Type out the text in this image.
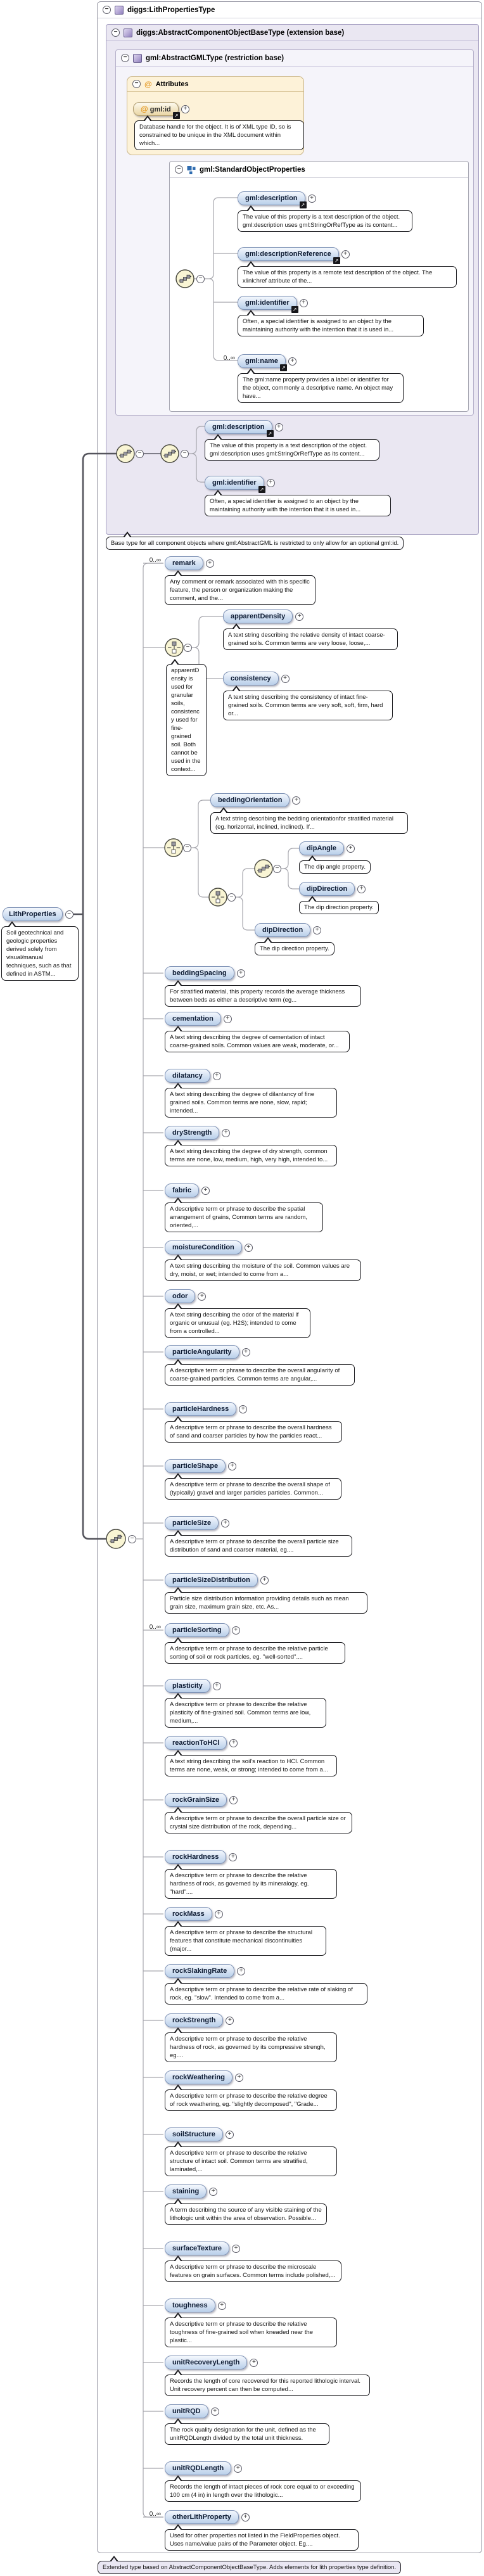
−
diggs:LithPropertiesType
−
diggs:AbstractComponentObjectBaseType (extension base)
−
gml:AbstractGMLType (restriction base)
−
@
Attributes
−
gml:StandardObjectProperties
−
−
−
−
−
−
−
−
@ gml:id
↗
+
Database handle for the object. It is of XML type ID, so is constrained to be unique in the XML document within which...
gml:description
↗
+
The value of this property is a text description of the object. gml:description uses gml:StringOrRefType as its content...
gml:descriptionReference
↗
+
The value of this property is a remote text description of the object. The xlink:href attribute of the...
gml:identifier
↗
+
Often, a special identifier is assigned to an object by the maintaining authority with the intention that it is used in...
0..∞	gml:name
↗
+
The gml:name property provides a label or identifier for the object, commonly a descriptive name. An object may have...
gml:description
↗
+
The value of this property is a text description of the object. gml:description uses gml:StringOrRefType as its content...
gml:identifier
↗
+
Often, a special identifier is assigned to an object by the maintaining authority with the intention that it is used in...
Base type for all component objects where gml:AbstractGML is restricted to only allow for an optional gml:id.
LithProperties
−
Soil geotechnical and geologic properties derived solely from visual/manual techniques, such as that defined in ASTM...
apparentDensity is used for granular soils, consistency used for fine-grained soil. Both cannot be used in the context...
apparentDensity
+
A text string describing the relative density of intact coarse-grained soils. Common terms are very loose, loose,...
consistency
+
A text string describing the consistency of intact fine-grained soils. Common terms are very soft, soft, firm, hard or...
beddingOrientation
+
A text string describing the bedding orientationfor stratified material (eg. horizontal, inclined, inclined). If...
dipAngle
+
The dip angle property.
dipDirection
+
The dip direction property.
dipDirection
+
The dip direction property.
Extended type based on AbstractComponentObjectBaseType. Adds elements for lith properties type definition.
0..∞	remark
+
Any comment or remark associated with this specific feature, the person or organization making the comment, and the...
beddingSpacing
+
For stratified material, this property records the average thickness between beds as either a descriptive term (eg...
cementation
+
A text string describing the degree of cementation of intact coarse-grained soils. Common values are weak, moderate, or...
dilatancy
+
A text string describing the degree of dilantancy of fine grained soils. Common terms are none, slow, rapid; intended...
dryStrength
+
A text string describing the degree of dry strength, common terms are none, low, medium, high, very high, intended to...
fabric
+
A descriptive term or phrase to describe the spatial arrangement of grains, Common terms are random, oriented,...
moistureCondition
+
A text string describing the moisture of the soil. Common values are dry, moist, or wet; intended to come from a...
odor
+
A text string describing the odor of the material if organic or unusual (eg. H2S); intended to come from a controlled...
particleAngularity
+
A descriptive term or phrase to describe the overall angularity of coarse-grained particles. Common terms are angular,...
particleHardness
+
A descriptive term or phrase to describe the overall hardness of sand and coarser particles by how the particles react...
particleShape
+
A descriptive term or phrase to describe the overall shape of (typically) gravel and larger particles particles. Common...
particleSize
+
A descriptive term or phrase to describe the overall particle size distribution of sand and coarser material, eg....
particleSizeDistribution
+
Particle size distribution information providing details such as mean grain size, maximum grain size, etc. As...
0..∞	particleSorting
+
A descriptive term or phrase to describe the relative particle sorting of soil or rock particles, eg. "well-sorted"....
plasticity
+
A descriptive term or phrase to describe the relative plasticity of fine-grained soil. Common terms are low, medium,...
reactionToHCl
+
A text string describing the soil's reaction to HCl. Common terms are none, weak, or strong; intended to come from a...
rockGrainSize
+
A descriptive term or phrase to describe the overall particle size or crystal size distribution of the rock, depending...
rockHardness
+
A descriptive term or phrase to describe the relative hardness of rock, as governed by its mineralogy, eg. "hard"....
rockMass
+
A descriptive term or phrase to describe the structural features that constitute mechanical discontinuities (major...
rockSlakingRate
+
A descriptive term or phrase to describe the relative rate of slaking of rock, eg. "slow". Intended to come from a...
rockStrength
+
A descriptive term or phrase to describe the relative hardness of rock, as governed by its compressive strengh, eg....
rockWeathering
+
A descriptive term or phrase to describe the relative degree of rock weathering, eg. "slightly decomposed", "Grade...
soilStructure
+
A descriptive term or phrase to describe the relative structure of intact soil. Common terms are stratified, laminated,...
staining
+
A term describing the source of any visible staining of the lithologic unit within the area of observation. Possible...
surfaceTexture
+
A descriptive term or phrase to describe the microscale features on grain surfaces. Common terms include polished,...
toughness
+
A descriptive term or phrase to describe the relative toughness of fine-grained soil when kneaded near the plastic...
unitRecoveryLength
+
Records the length of core recovered for this reported lithologic interval. Unit recovery percent can then be computed...
unitRQD
+
The rock quality designation for the unit, defined as the unitRQDLength divided by the total unit thickness.
unitRQDLength
+
Records the length of intact pieces of rock core equal to or exceeding 100 cm (4 in) in length over the lithologic...
0..∞	otherLithProperty
+
Used for other properties not listed in the FieldProperties object. Uses name/value pairs of the Parameter object. Eg....
